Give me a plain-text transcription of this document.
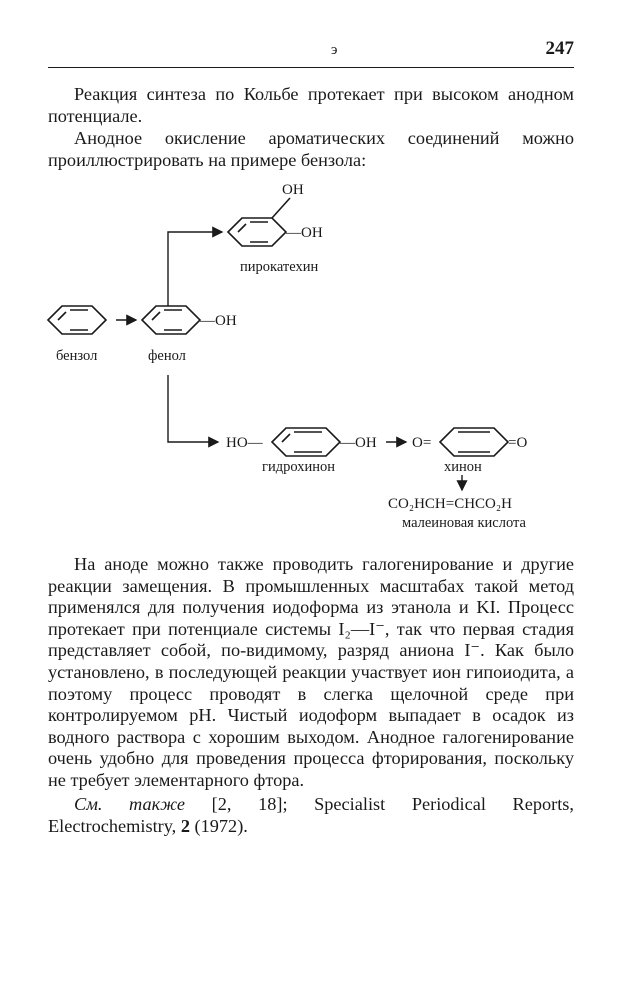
э	247

Реакция синтеза по Кольбе протекает при высоком анодном потенциале.

Анодное окисление ароматических соединений можно проиллюстрировать на примере бензола:

бензол
—OH
фенол
OH
—OH
пирокатехин
HO—	—OH
гидрохинон
O=	=O
хинон
CO₂HCH=CHCO₂H
малеиновая кислота

На аноде можно также проводить галогенирование и другие реакции замещения. В промышленных масштабах такой метод применялся для получения иодоформа из этанола и KI. Процесс протекает при потенциале системы I₂—I⁻, так что первая стадия представляет собой, по-видимому, разряд аниона I⁻. Как было установлено, в последующей реакции участвует ион гипоиодита, а поэтому процесс проводят в слегка щелочной среде при контролируемом pH. Чистый иодоформ выпадает в осадок из водного раствора с хорошим выходом. Анодное галогенирование очень удобно для проведения процесса фторирования, поскольку не требует элементарного фтора.

См. также [2, 18]; Specialist Periodical Reports, Electrochemistry, 2 (1972).
